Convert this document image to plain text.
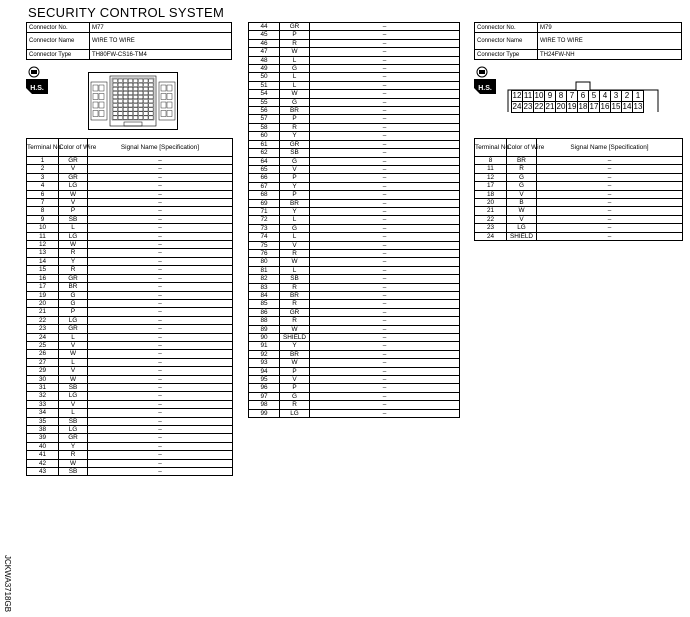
SECURITY CONTROL SYSTEM
Connector No.	M77
Connector Name	WIRE TO WIRE
Connector Type	TH80FW-CS16-TM4
H.S.
Terminal No.	Color of Wire	Signal Name [Specification]
1	GR	–
2	V	–
3	GR	–
4	LG	–
6	W	–
7	V	–
8	P	–
9	SB	–
10	L	–
11	LG	–
12	W	–
13	R	–
14	Y	–
15	R	–
16	GR	–
17	BR	–
19	G	–
20	G	–
21	P	–
22	LG	–
23	GR	–
24	L	–
25	V	–
26	W	–
27	L	–
29	V	–
30	W	–
31	SB	–
32	LG	–
33	V	–
34	L	–
35	SB	–
38	LG	–
39	GR	–
40	Y	–
41	R	–
42	W	–
43	SB	–
44	GR	–
45	P	–
46	R	–
47	W	–
48	L	–
49	G	–
50	L	–
51	L	–
54	W	–
55	G	–
56	BR	–
57	P	–
58	R	–
60	Y	–
61	GR	–
62	SB	–
64	G	–
65	V	–
66	P	–
67	Y	–
68	P	–
69	BR	–
71	Y	–
72	L	–
73	G	–
74	L	–
75	V	–
76	R	–
80	W	–
81	L	–
82	SB	–
83	R	–
84	BR	–
85	R	–
86	GR	–
88	R	–
89	W	–
90	SHIELD	–
91	Y	–
92	BR	–
93	W	–
94	P	–
95	V	–
96	P	–
97	G	–
98	R	–
99	LG	–
Connector No.	M79
Connector Name	WIRE TO WIRE
Connector Type	TH24FW-NH
H.S.
$\frac{12 11 10 9 8 7 6 5 4 3 2 1}{24 23 22 21 20 19 18 17 16 15 14 13}$
Terminal No.	Color of Wire	Signal Name [Specification]
8	BR	–
11	R	–
12	G	–
17	G	–
18	V	–
20	B	–
21	W	–
22	V	–
23	LG	–
24	SHIELD	–
JCKWA3718GB
